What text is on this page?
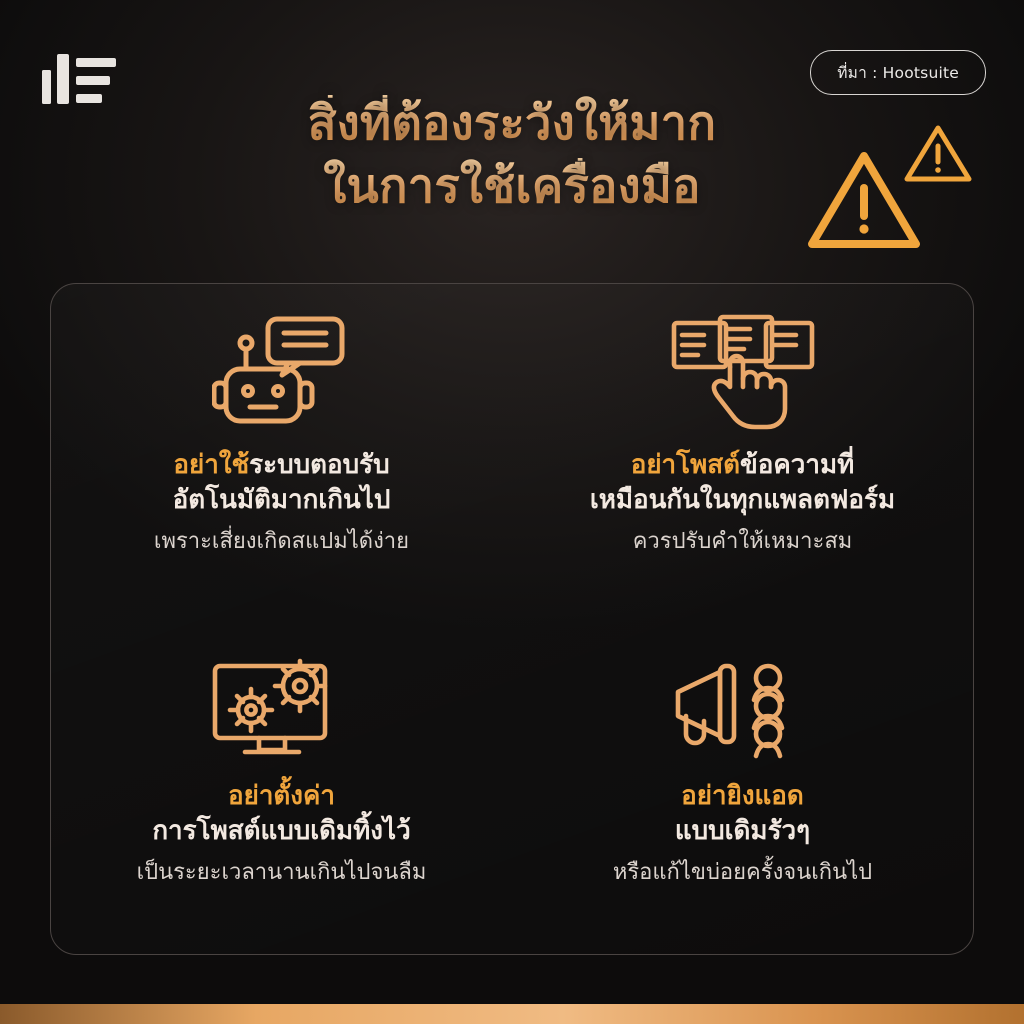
ที่มา : Hootsuite
สิ่งที่ต้องระวังให้มาก
ในการใช้เครื่องมือ
อย่าใช้ระบบตอบรับ
อัตโนมัติมากเกินไป
เพราะเสี่ยงเกิดสแปมได้ง่าย
อย่าโพสต์ข้อความที่
เหมือนกันในทุกแพลตฟอร์ม
ควรปรับคำให้เหมาะสม
อย่าตั้งค่า
การโพสต์แบบเดิมทิ้งไว้
เป็นระยะเวลานานเกินไปจนลืม
อย่ายิงแอด
แบบเดิมรัวๆ
หรือแก้ไขบ่อยครั้งจนเกินไป
